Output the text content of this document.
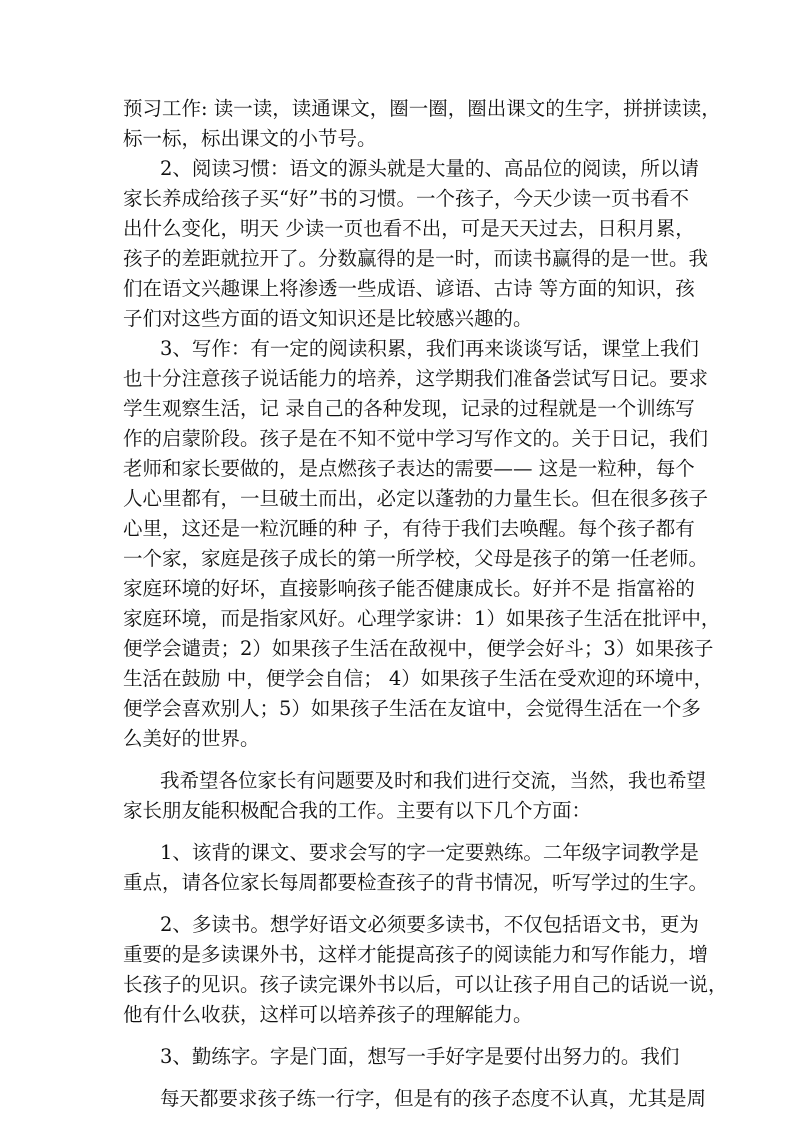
预习工作: 读一读，读通课文，圈一圈，圈出课文的生字，拼拼读读，
标一标，标出课文的小节号。
2、阅读习惯：语文的源头就是大量的、高品位的阅读，所以请
家长养成给孩子买“好”书的习惯。一个孩子，今天少读一页书看不
出什么变化，明天 少读一页也看不出，可是天天过去，日积月累，
孩子的差距就拉开了。分数赢得的是一时，而读书赢得的是一世。我
们在语文兴趣课上将渗透一些成语、谚语、古诗 等方面的知识，孩
子们对这些方面的语文知识还是比较感兴趣的。
3、写作：有一定的阅读积累，我们再来谈谈写话，课堂上我们
也十分注意孩子说话能力的培养，这学期我们准备尝试写日记。要求
学生观察生活，记 录自己的各种发现，记录的过程就是一个训练写
作的启蒙阶段。孩子是在不知不觉中学习写作文的。关于日记，我们
老师和家长要做的，是点燃孩子表达的需要—— 这是一粒种，每个
人心里都有，一旦破土而出，必定以蓬勃的力量生长。但在很多孩子
心里，这还是一粒沉睡的种 子，有待于我们去唤醒。每个孩子都有
一个家，家庭是孩子成长的第一所学校，父母是孩子的第一任老师。
家庭环境的好坏，直接影响孩子能否健康成长。好并不是 指富裕的
家庭环境，而是指家风好。心理学家讲：1）如果孩子生活在批评中，
便学会谴责；2）如果孩子生活在敌视中，便学会好斗；3）如果孩子
生活在鼓励 中，便学会自信； 4）如果孩子生活在受欢迎的环境中，
便学会喜欢别人；5）如果孩子生活在友谊中，会觉得生活在一个多
么美好的世界。
我希望各位家长有问题要及时和我们进行交流，当然，我也希望
家长朋友能积极配合我的工作。主要有以下几个方面：
1、该背的课文、要求会写的字一定要熟练。二年级字词教学是
重点，请各位家长每周都要检查孩子的背书情况，听写学过的生字。
2、多读书。想学好语文必须要多读书，不仅包括语文书，更为
重要的是多读课外书，这样才能提高孩子的阅读能力和写作能力，增
长孩子的见识。孩子读完课外书以后，可以让孩子用自己的话说一说，
他有什么收获，这样可以培养孩子的理解能力。
3、勤练字。字是门面，想写一手好字是要付出努力的。我们
每天都要求孩子练一行字，但是有的孩子态度不认真，尤其是周
